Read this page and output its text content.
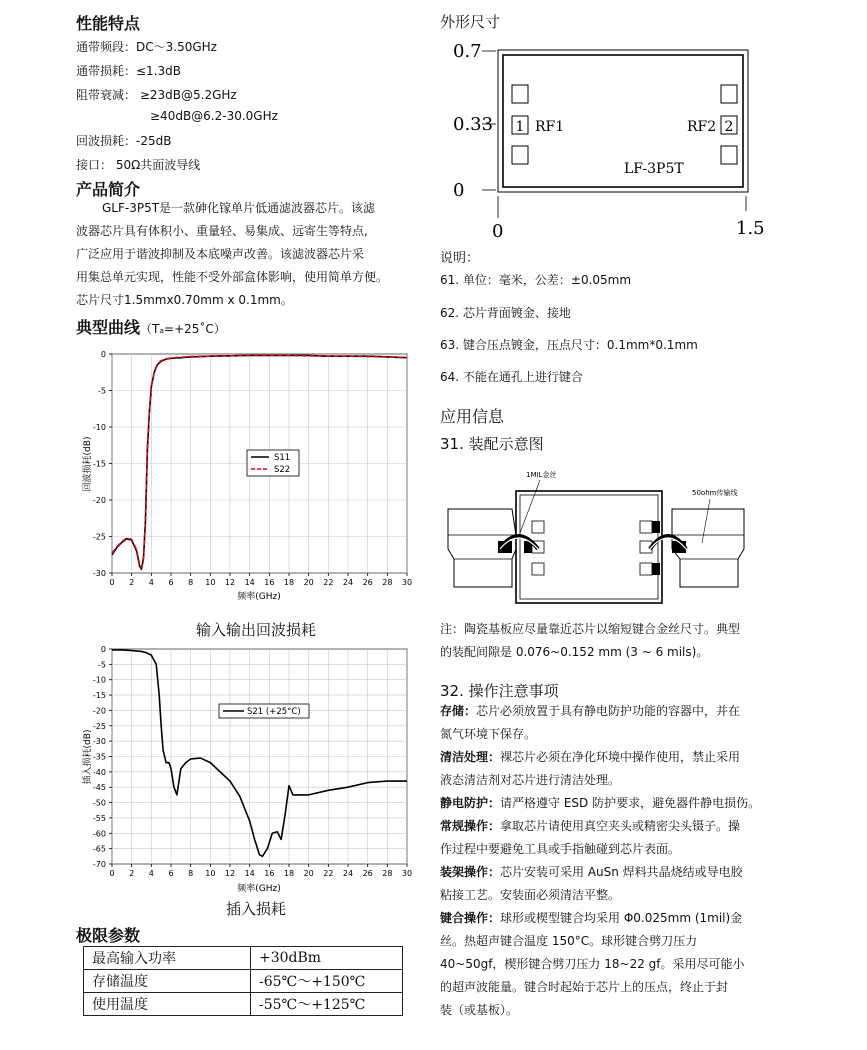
性能特点
通带频段：DC～3.50GHz
通带损耗：≤1.3dB
阻带衰减： ≥23dB@5.2GHz
≥40dB@6.2-30.0GHz
回波损耗：-25dB
接口： 50Ω共面波导线
产品简介
GLF-3P5T是一款砷化镓单片低通滤波器芯片。该滤
波器芯片具有体积小、重量轻、易集成、远寄生等特点,
广泛应用于谐波抑制及本底噪声改善。该滤波器芯片采
用集总单元实现，性能不受外部盒体影响，使用简单方便。
芯片尺寸1.5mmx0.70mm x 0.1mm。
典型曲线（Tₐ=+25˚C）
0 2 4 6 8 10 12 14 16 18 20 22 24 26 28 30
0
-5
-10
-15
-20
-25
-30
S11
S22
频率(GHz)
回波损耗(dB)
输入输出回波损耗
0 2 4 6 8 10 12 14 16 18 20 22 24 26 28 30
0
-5
-10
-15
-20
-25
-30
-35
-40
-45
-50
-55
-60
-65
-70
S21 (+25°C)
频率(GHz)
插入损耗(dB)
插入损耗
极限参数
最高输入功率	+30dBm
存储温度	-65℃～+150℃
使用温度	-55℃～+125℃
外形尺寸
0.7
0.33
0
0	1.5
1	2
RF1	RF2
LF-3P5T
说明：
61. 单位：毫米，公差：±0.05mm
62. 芯片背面镀金、接地
63. 键合压点镀金，压点尺寸：0.1mm*0.1mm
64. 不能在通孔上进行键合
应用信息
31. 装配示意图
1MIL金丝
50ohm传输线
注：陶瓷基板应尽量靠近芯片以缩短键合金丝尺寸。典型
的装配间隙是 0.076~0.152 mm (3 ~ 6 mils)。
32. 操作注意事项
存储：芯片必须放置于具有静电防护功能的容器中，并在
氮气环境下保存。
清洁处理：裸芯片必须在净化环境中操作使用，禁止采用
液态清洁剂对芯片进行清洁处理。
静电防护：请严格遵守 ESD 防护要求，避免器件静电损伤。
常规操作：拿取芯片请使用真空夹头或精密尖头镊子。操
作过程中要避免工具或手指触碰到芯片表面。
装架操作：芯片安装可采用 AuSn 焊料共晶烧结或导电胶
粘接工艺。安装面必须清洁平整。
键合操作：球形或楔型键合均采用 Φ0.025mm (1mil)金
丝。热超声键合温度 150°C。球形键合劈刀压力
40~50gf，楔形键合劈刀压力 18~22 gf。采用尽可能小
的超声波能量。键合时起始于芯片上的压点，终止于封
装（或基板）。
